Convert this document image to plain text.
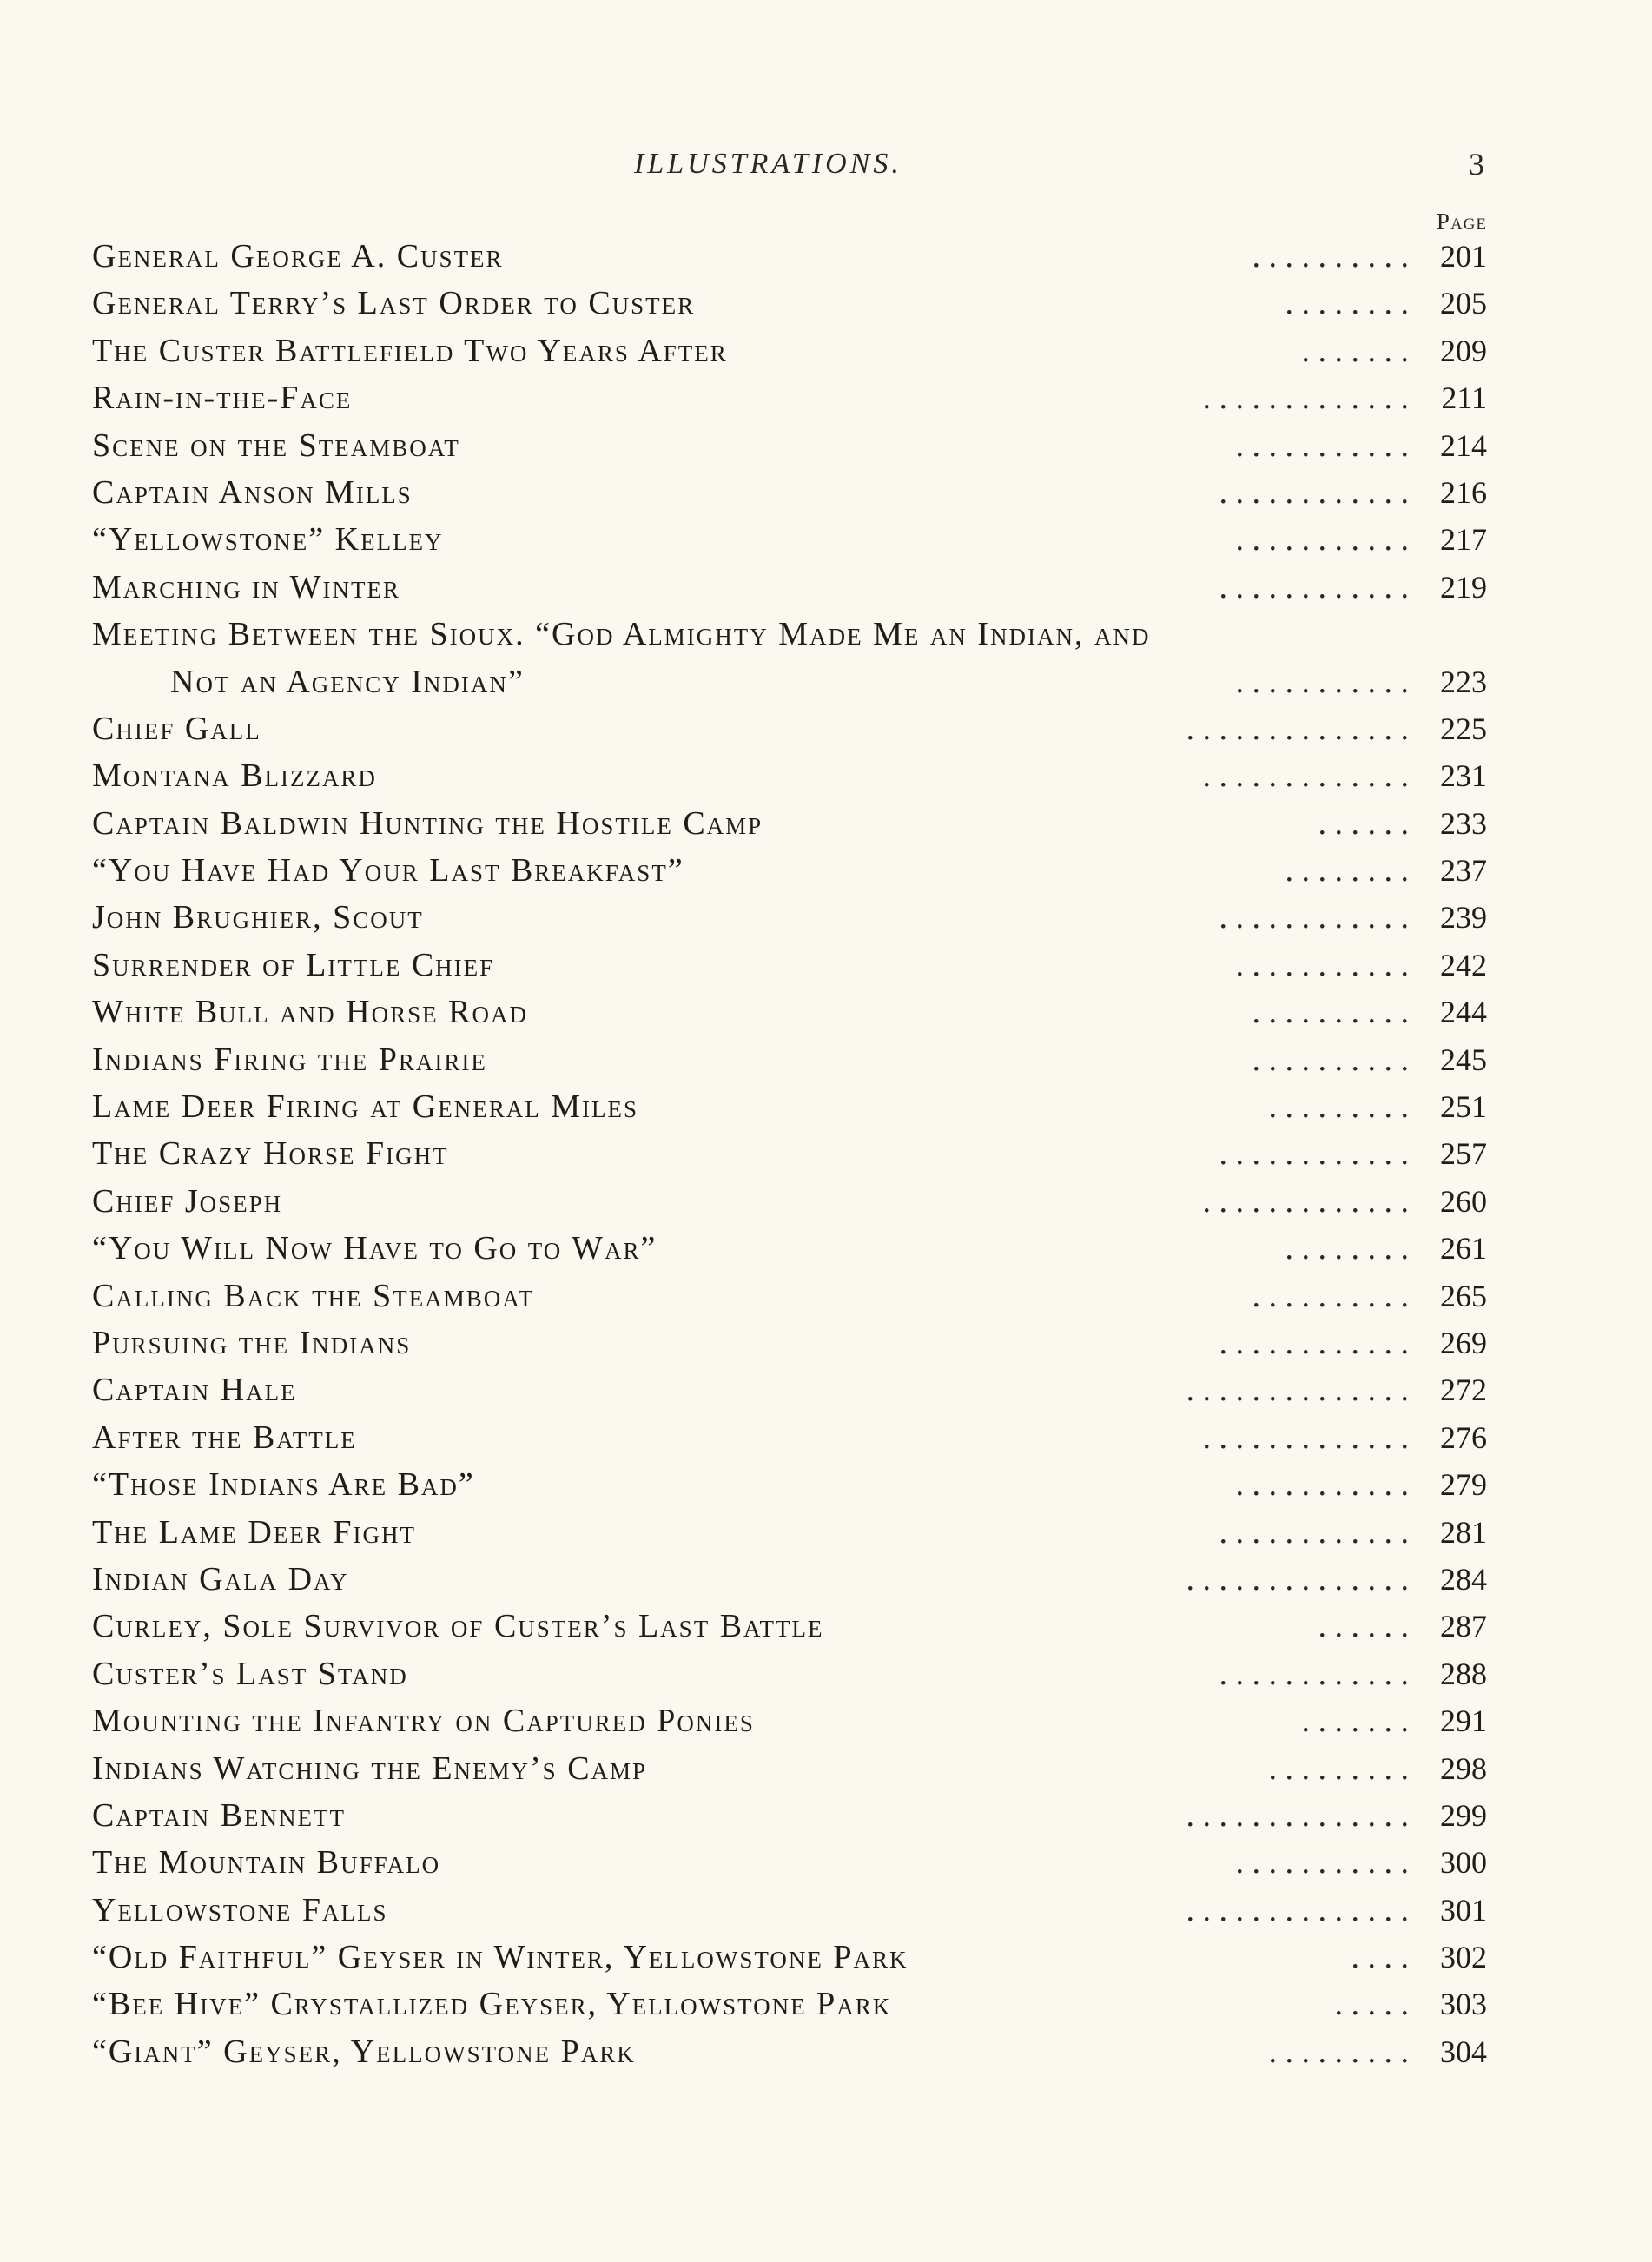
ILLUSTRATIONS.	3
Page
General George A. Custer	. . . . . . . . . .	201
General Terry’s Last Order to Custer	. . . . . . . .	205
The Custer Battlefield Two Years After	. . . . . . .	209
Rain-in-the-Face	. . . . . . . . . . . . .	211
Scene on the Steamboat	. . . . . . . . . . .	214
Captain Anson Mills	. . . . . . . . . . . .	216
“Yellowstone” Kelley	. . . . . . . . . . .	217
Marching in Winter	. . . . . . . . . . . .	219
Meeting Between the Sioux. “God Almighty Made Me an Indian, and
Not an Agency Indian”	. . . . . . . . . . .	223
Chief Gall	. . . . . . . . . . . . . .	225
Montana Blizzard	. . . . . . . . . . . . .	231
Captain Baldwin Hunting the Hostile Camp	. . . . . .	233
“You Have Had Your Last Breakfast”	. . . . . . . .	237
John Brughier, Scout	. . . . . . . . . . . .	239
Surrender of Little Chief	. . . . . . . . . . .	242
White Bull and Horse Road	. . . . . . . . . .	244
Indians Firing the Prairie	. . . . . . . . . .	245
Lame Deer Firing at General Miles	. . . . . . . . .	251
The Crazy Horse Fight	. . . . . . . . . . . .	257
Chief Joseph	. . . . . . . . . . . . .	260
“You Will Now Have to Go to War”	. . . . . . . .	261
Calling Back the Steamboat	. . . . . . . . . .	265
Pursuing the Indians	. . . . . . . . . . . .	269
Captain Hale	. . . . . . . . . . . . . .	272
After the Battle	. . . . . . . . . . . . .	276
“Those Indians Are Bad”	. . . . . . . . . . .	279
The Lame Deer Fight	. . . . . . . . . . . .	281
Indian Gala Day	. . . . . . . . . . . . . .	284
Curley, Sole Survivor of Custer’s Last Battle	. . . . . .	287
Custer’s Last Stand	. . . . . . . . . . . .	288
Mounting the Infantry on Captured Ponies	. . . . . . .	291
Indians Watching the Enemy’s Camp	. . . . . . . . .	298
Captain Bennett	. . . . . . . . . . . . . .	299
The Mountain Buffalo	. . . . . . . . . . .	300
Yellowstone Falls	. . . . . . . . . . . . . .	301
“Old Faithful” Geyser in Winter, Yellowstone Park	. . . .	302
“Bee Hive” Crystallized Geyser, Yellowstone Park	. . . . .	303
“Giant” Geyser, Yellowstone Park	. . . . . . . . .	304
